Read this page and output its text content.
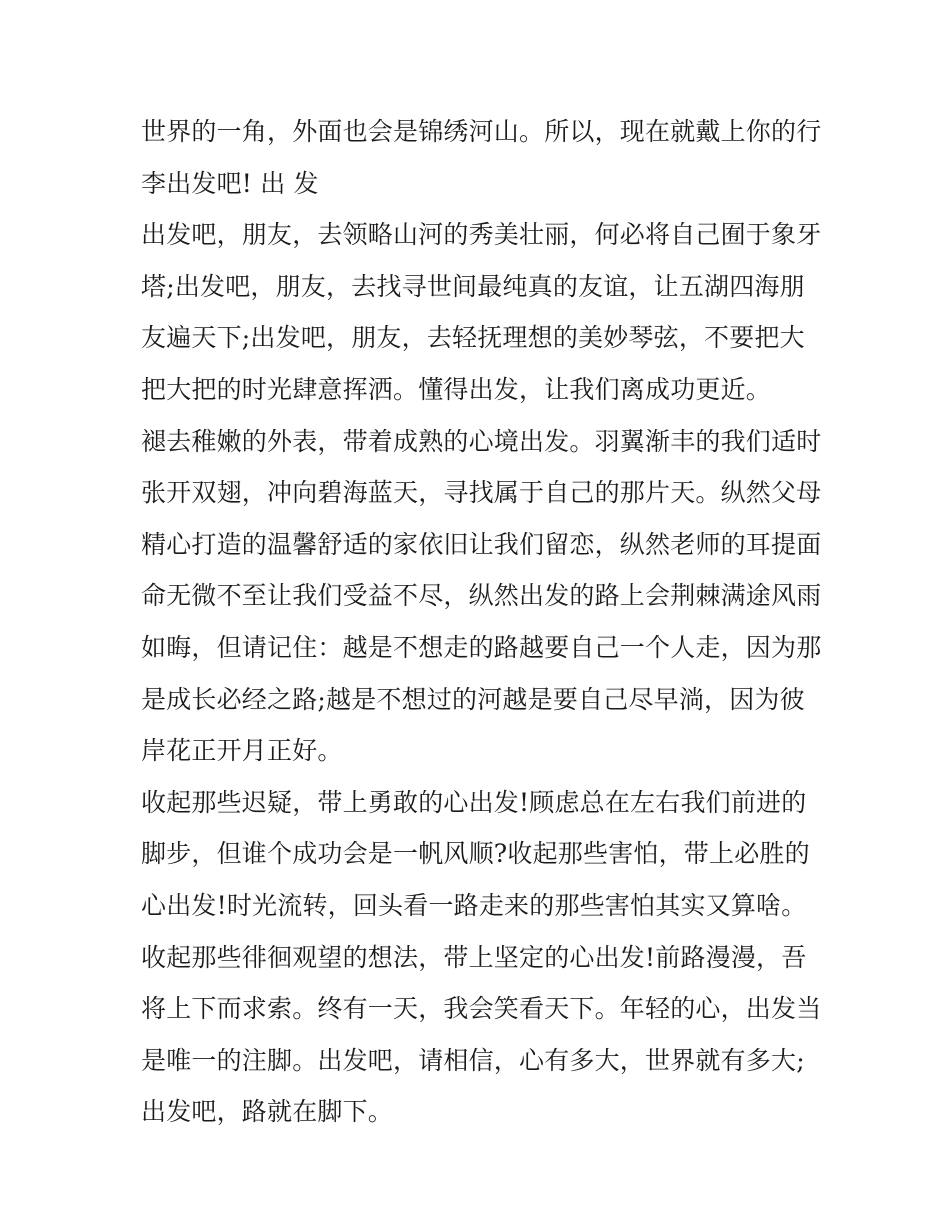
世界的一角，外面也会是锦绣河山。所以，现在就戴上你的行
李出发吧! 出 发
出发吧，朋友，去领略山河的秀美壮丽，何必将自己囿于象牙
塔;出发吧，朋友，去找寻世间最纯真的友谊，让五湖四海朋
友遍天下;出发吧，朋友，去轻抚理想的美妙琴弦，不要把大
把大把的时光肆意挥洒。懂得出发，让我们离成功更近。
褪去稚嫩的外表，带着成熟的心境出发。羽翼渐丰的我们适时
张开双翅，冲向碧海蓝天，寻找属于自己的那片天。纵然父母
精心打造的温馨舒适的家依旧让我们留恋，纵然老师的耳提面
命无微不至让我们受益不尽，纵然出发的路上会荆棘满途风雨
如晦，但请记住：越是不想走的路越要自己一个人走，因为那
是成长必经之路;越是不想过的河越是要自己尽早淌，因为彼
岸花正开月正好。
收起那些迟疑，带上勇敢的心出发!顾虑总在左右我们前进的
脚步，但谁个成功会是一帆风顺?收起那些害怕，带上必胜的
心出发!时光流转，回头看一路走来的那些害怕其实又算啥。
收起那些徘徊观望的想法，带上坚定的心出发!前路漫漫，吾
将上下而求索。终有一天，我会笑看天下。年轻的心，出发当
是唯一的注脚。出发吧，请相信，心有多大，世界就有多大;
出发吧，路就在脚下。
